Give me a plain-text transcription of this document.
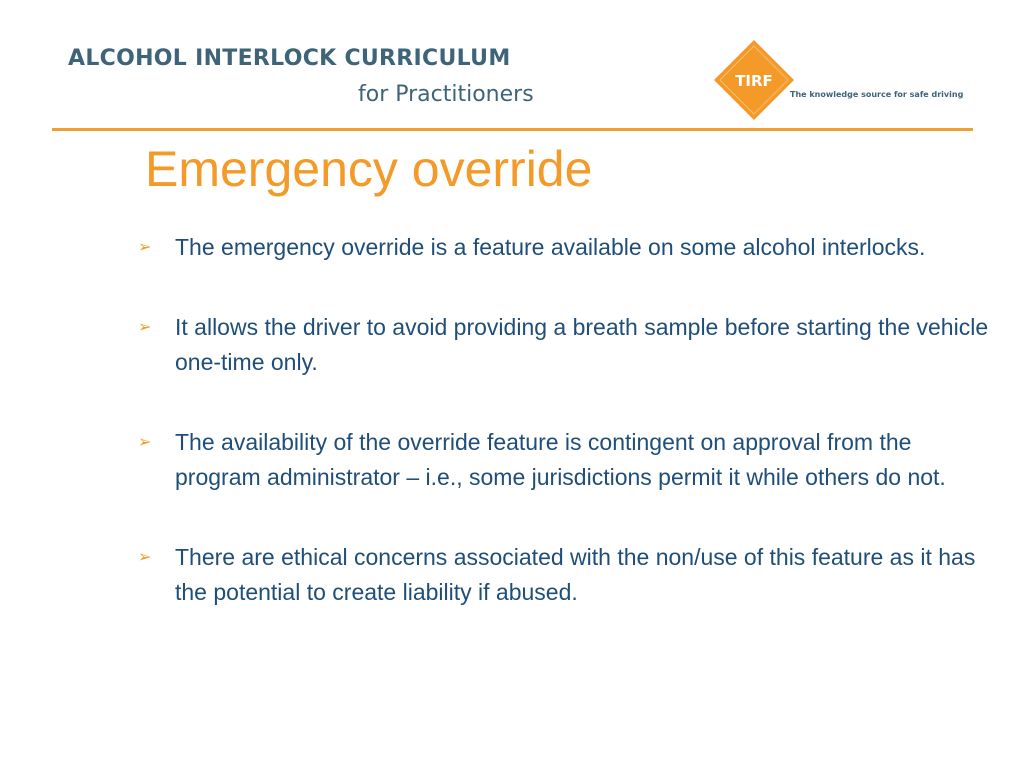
ALCOHOL INTERLOCK CURRICULUM
for Practitioners
TIRF
The knowledge source for safe driving
Emergency override
➢ The emergency override is a feature available on some alcohol interlocks.
➢ It allows the driver to avoid providing a breath sample before starting the vehicle one-time only.
➢ The availability of the override feature is contingent on approval from the program administrator – i.e., some jurisdictions permit it while others do not.
➢ There are ethical concerns associated with the non/use of this feature as it has the potential to create liability if abused.
